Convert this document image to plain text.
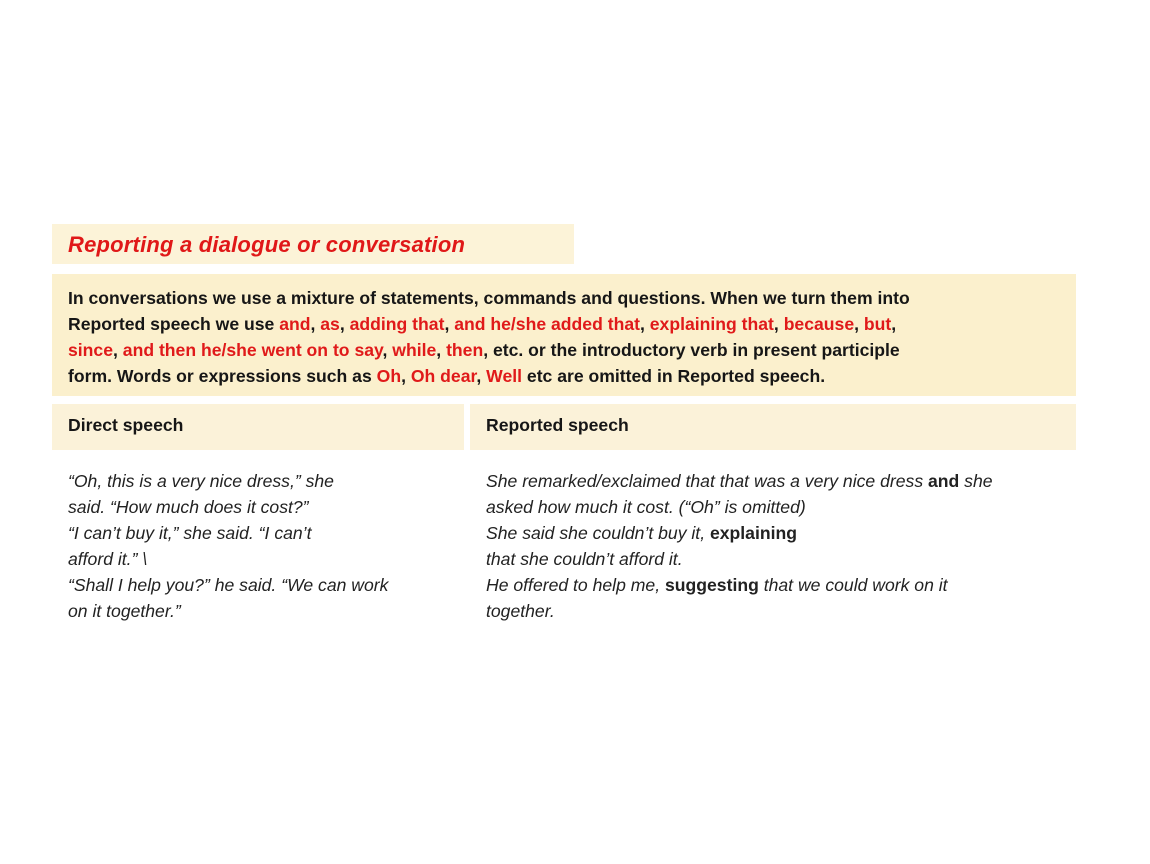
Reporting a dialogue or conversation
In conversations we use a mixture of statements, commands and questions. When we turn them into
Reported speech we use and, as, adding that, and he/she added that, explaining that, because, but,
since, and then he/she went on to say, while, then, etc. or the introductory verb in present participle
form. Words or expressions such as Oh, Oh dear, Well etc are omitted in Reported speech.
Direct speech	Reported speech
“Oh, this is a very nice dress,” she
said. “How much does it cost?”
“I can’t buy it,” she said. “I can’t
afford it.” \
“Shall I help you?” he said. “We can work
on it together.”
She remarked/exclaimed that that was a very nice dress and she
asked how much it cost. (“Oh” is omitted)
She said she couldn’t buy it, explaining
that she couldn’t afford it.
He offered to help me, suggesting that we could work on it
together.
